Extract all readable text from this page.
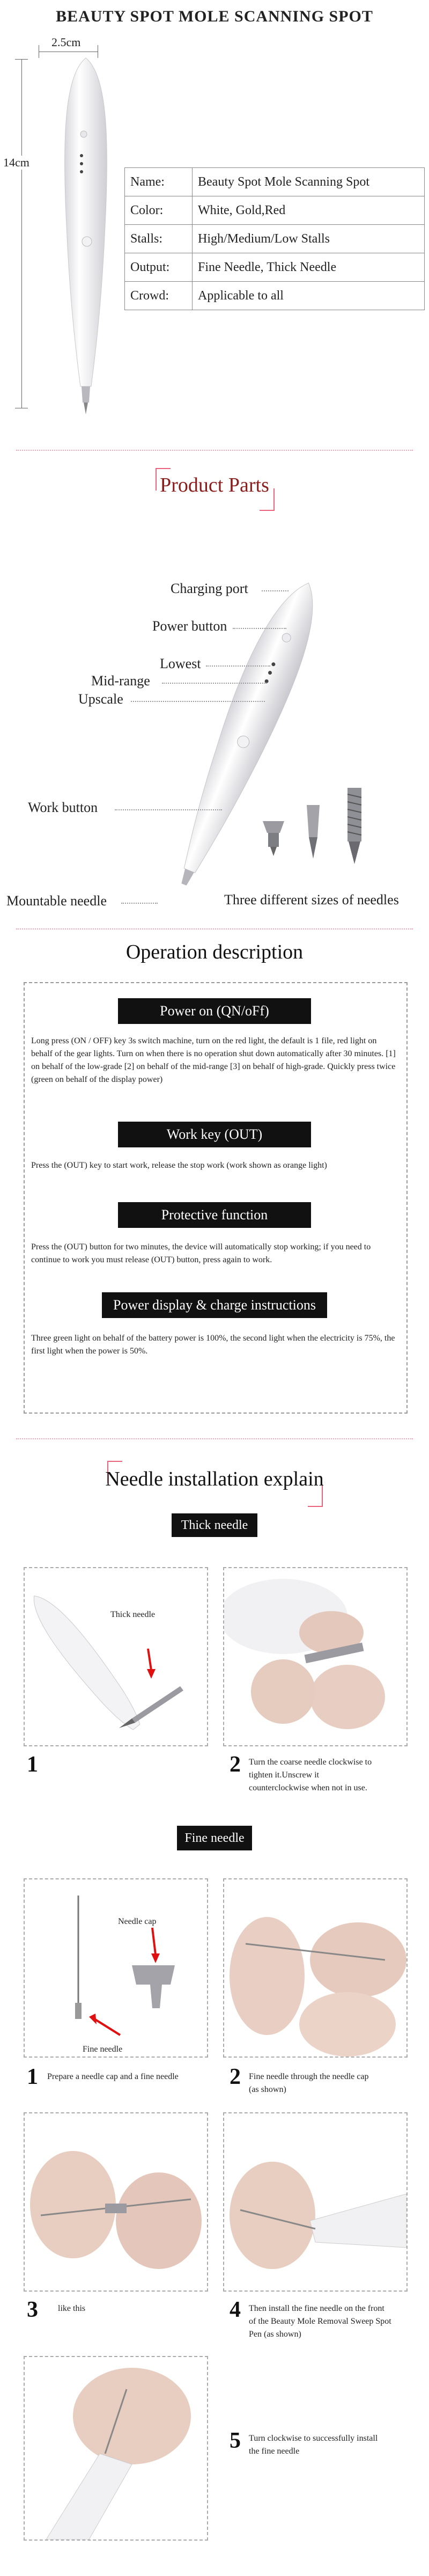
BEAUTY SPOT MOLE SCANNING SPOT
2.5cm
14cm
Name:	Beauty Spot Mole Scanning Spot
Color:	White, Gold,Red
Stalls:	High/Medium/Low Stalls
Output:	Fine Needle, Thick Needle
Crowd:	Applicable to all
Product Parts
Charging port
Power button
Lowest
Mid-range
Upscale
Work button
Mountable needle	Three different sizes of needles
Operation description
Power on (QN/oFf)
Long press (ON / OFF) key 3s switch machine, turn on the red light, the default is 1 file, red light on behalf of the gear lights. Turn on when there is no operation shut down automatically after 30 minutes. [1] on behalf of the low-grade [2] on behalf of the mid-range [3] on behalf of high-grade. Quickly press twice (green on behalf of the display power)
Work key (OUT)
Press the (OUT) key to start work, release the stop work (work shown as orange light)
Protective function
Press the (OUT) button for two minutes, the device will automatically stop working; if you need to continue to work you must release (OUT) button, press again to work.
Power display & charge instructions
Three green light on behalf of the battery power is 100%, the second light when the electricity is 75%, the first light when the power is 50%.
Needle installation explain
Thick needle
Thick needle
1	2 Turn the coarse needle clockwise to tighten it.Unscrew it counterclockwise when not in use.
Fine needle
Needle cap
Fine needle
1 Prepare a needle cap and a fine needle	2 Fine needle through the needle cap (as shown)
3 like this	4 Then install the fine needle on the front of the Beauty Mole Removal Sweep Spot Pen (as shown)
5 Turn clockwise to successfully install the fine needle
